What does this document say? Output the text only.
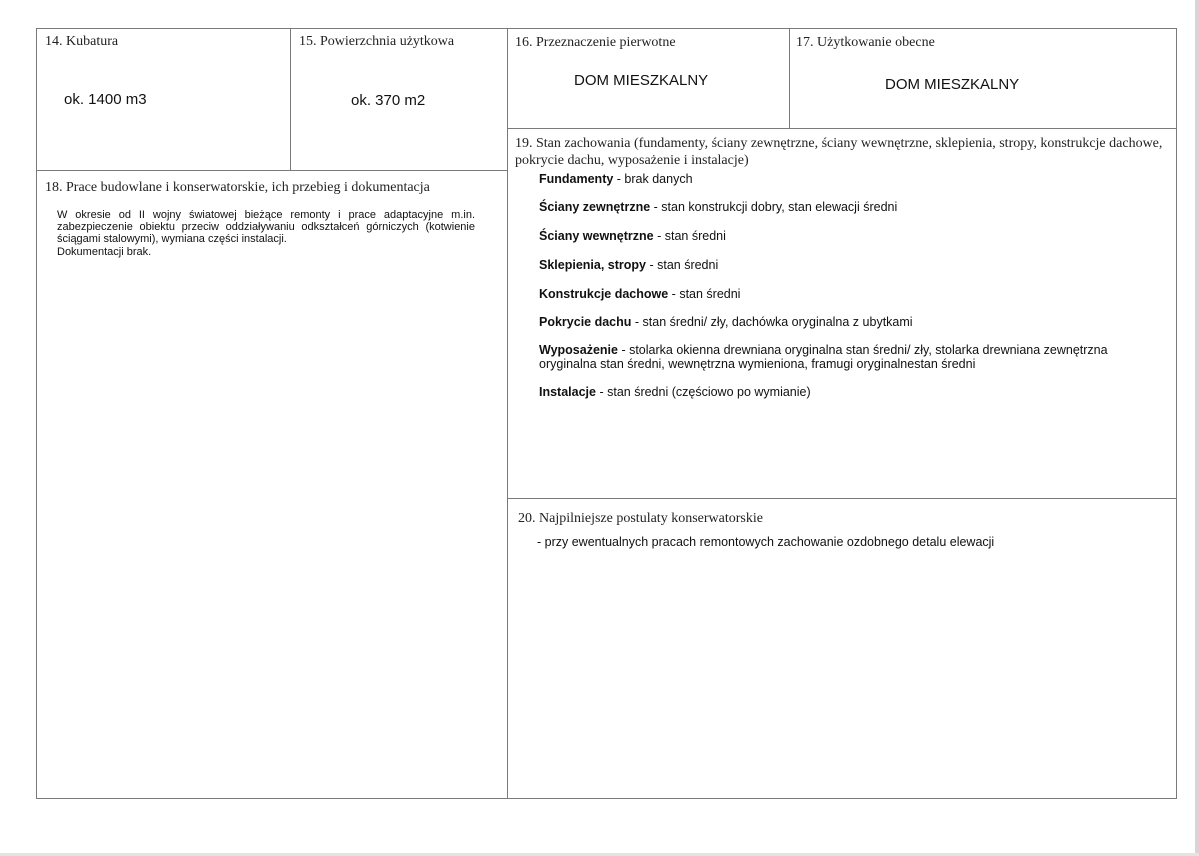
14. Kubatura
ok. 1400 m3
15. Powierzchnia użytkowa
ok. 370 m2
16. Przeznaczenie pierwotne
DOM MIESZKALNY
17. Użytkowanie obecne
DOM MIESZKALNY
18. Prace budowlane i konserwatorskie, ich przebieg i dokumentacja
W okresie od II wojny światowej bieżące remonty i prace adaptacyjne m.in. zabezpieczenie obiektu przeciw oddziaływaniu odkształceń górniczych (kotwienie ściągami stalowymi), wymiana części instalacji.
Dokumentacji brak.
19. Stan zachowania (fundamenty, ściany zewnętrzne, ściany wewnętrzne, sklepienia, stropy, konstrukcje dachowe, pokrycie dachu, wyposażenie i instalacje)
Fundamenty - brak danych
Ściany zewnętrzne - stan konstrukcji dobry, stan elewacji średni
Ściany wewnętrzne - stan średni
Sklepienia, stropy - stan średni
Konstrukcje dachowe - stan średni
Pokrycie dachu - stan średni/ zły, dachówka oryginalna z ubytkami
Wyposażenie - stolarka okienna drewniana oryginalna stan średni/ zły, stolarka drewniana zewnętrzna oryginalna stan średni, wewnętrzna wymieniona, framugi oryginalnestan średni
Instalacje - stan średni (częściowo po wymianie)
20. Najpilniejsze postulaty konserwatorskie
- przy ewentualnych pracach remontowych zachowanie ozdobnego detalu elewacji
